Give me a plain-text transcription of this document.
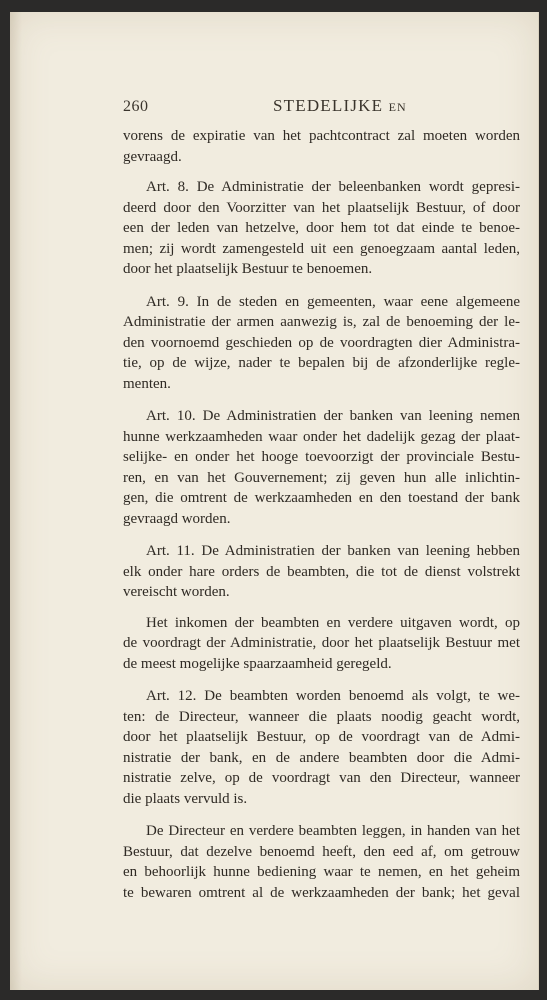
260	STEDELIJKE EN
vorens de expiratie van het pachtcontract zal moeten worden
gevraagd.
Art. 8. De Administratie der beleenbanken wordt gepresi-
deerd door den Voorzitter van het plaatselijk Bestuur, of door
een der leden van hetzelve, door hem tot dat einde te benoe-
men; zij wordt zamengesteld uit een genoegzaam aantal leden,
door het plaatselijk Bestuur te benoemen.
Art. 9. In de steden en gemeenten, waar eene algemeene
Administratie der armen aanwezig is, zal de benoeming der le-
den voornoemd geschieden op de voordragten dier Administra-
tie, op de wijze, nader te bepalen bij de afzonderlijke regle-
menten.
Art. 10. De Administratien der banken van leening nemen
hunne werkzaamheden waar onder het dadelijk gezag der plaat-
selijke- en onder het hooge toevoorzigt der provinciale Bestu-
ren, en van het Gouvernement; zij geven hun alle inlichtin-
gen, die omtrent de werkzaamheden en den toestand der bank
gevraagd worden.
Art. 11. De Administratien der banken van leening hebben
elk onder hare orders de beambten, die tot de dienst volstrekt
vereischt worden.
Het inkomen der beambten en verdere uitgaven wordt, op
de voordragt der Administratie, door het plaatselijk Bestuur met
de meest mogelijke spaarzaamheid geregeld.
Art. 12. De beambten worden benoemd als volgt, te we-
ten: de Directeur, wanneer die plaats noodig geacht wordt,
door het plaatselijk Bestuur, op de voordragt van de Admi-
nistratie der bank, en de andere beambten door die Admi-
nistratie zelve, op de voordragt van den Directeur, wanneer
die plaats vervuld is.
De Directeur en verdere beambten leggen, in handen van het
Bestuur, dat dezelve benoemd heeft, den eed af, om getrouw
en behoorlijk hunne bediening waar te nemen, en het geheim
te bewaren omtrent al de werkzaamheden der bank; het geval
